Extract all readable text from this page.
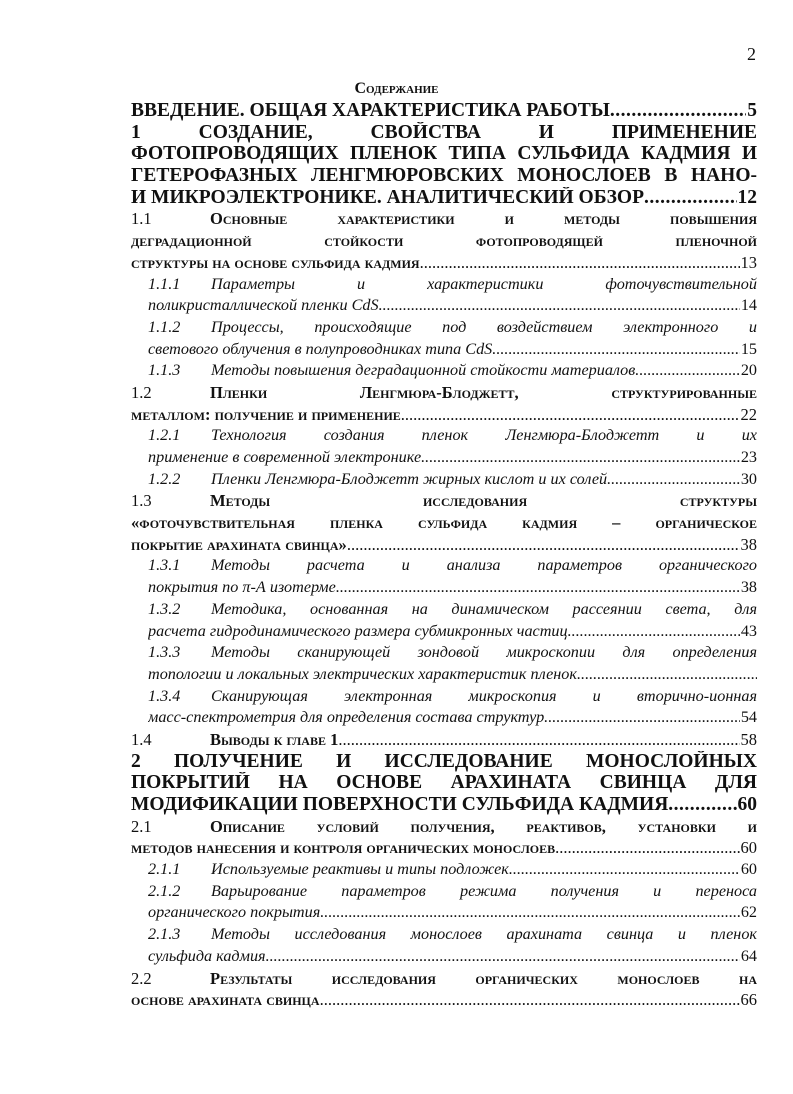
2
Содержание
ВВЕДЕНИЕ. ОБЩАЯ ХАРАКТЕРИСТИКА РАБОТЫ .....	5
1	СОЗДАНИЕ,	СВОЙСТВА	И	ПРИМЕНЕНИЕ
ФОТОПРОВОДЯЩИХ ПЛЕНОК ТИПА СУЛЬФИДА КАДМИЯ И
ГЕТЕРОФАЗНЫХ ЛЕНГМЮРОВСКИХ МОНОСЛОЕВ В НАНО-
И МИКРОЭЛЕКТРОНИКЕ. АНАЛИТИЧЕСКИЙ ОБЗОР .....	12
1.1	Основные характеристики и методы повышения
деградационной стойкости фотопроводящей пленочной
структуры на основе сульфида кадмия .....	13
1.1.1	Параметры и характеристики фоточувствительной
поликристаллической пленки CdS .....	14
1.1.2	Процессы, происходящие под воздействием электронного и
светового облучения в полупроводниках типа CdS .....	15
1.1.3	Методы повышения деградационной стойкости материалов .....	20
1.2	Пленки Ленгмюра-Блоджетт, структурированные
металлом: получение и применение .....	22
1.2.1	Технология создания пленок Ленгмюра-Блоджетт и их
применение в современной электронике .....	23
1.2.2	Пленки Ленгмюра-Блоджетт жирных кислот и их солей .....	30
1.3	Методы исследования структуры
«фоточувствительная пленка сульфида кадмия – органическое
покрытие арахината свинца» .....	38
1.3.1	Методы расчета и анализа параметров органического
покрытия по π-А изотерме .....	38
1.3.2	Методика, основанная на динамическом рассеянии света, для
расчета гидродинамического размера субмикронных частиц .....	43
1.3.3	Методы сканирующей зондовой микроскопии для определения
топологии и локальных электрических характеристик пленок
.....
1.3.4	Сканирующая электронная микроскопия и вторично-ионная
масс-спектрометрия для определения состава структур .....	54
1.4	Выводы к главе 1 .....	58
2 ПОЛУЧЕНИЕ И ИССЛЕДОВАНИЕ МОНОСЛОЙНЫХ
ПОКРЫТИЙ НА ОСНОВЕ АРАХИНАТА СВИНЦА ДЛЯ
МОДИФИКАЦИИ ПОВЕРХНОСТИ СУЛЬФИДА КАДМИЯ .....	60
2.1	Описание условий получения, реактивов, установки и
методов нанесения и контроля органических монослоев .....	60
2.1.1	Используемые реактивы и типы подложек .....	60
2.1.2	Варьирование параметров режима получения и переноса
органического покрытия .....	62
2.1.3	Методы исследования монослоев арахината свинца и пленок
сульфида кадмия .....	64
2.2	Результаты исследования органических монослоев на
основе арахината свинца .....	66
